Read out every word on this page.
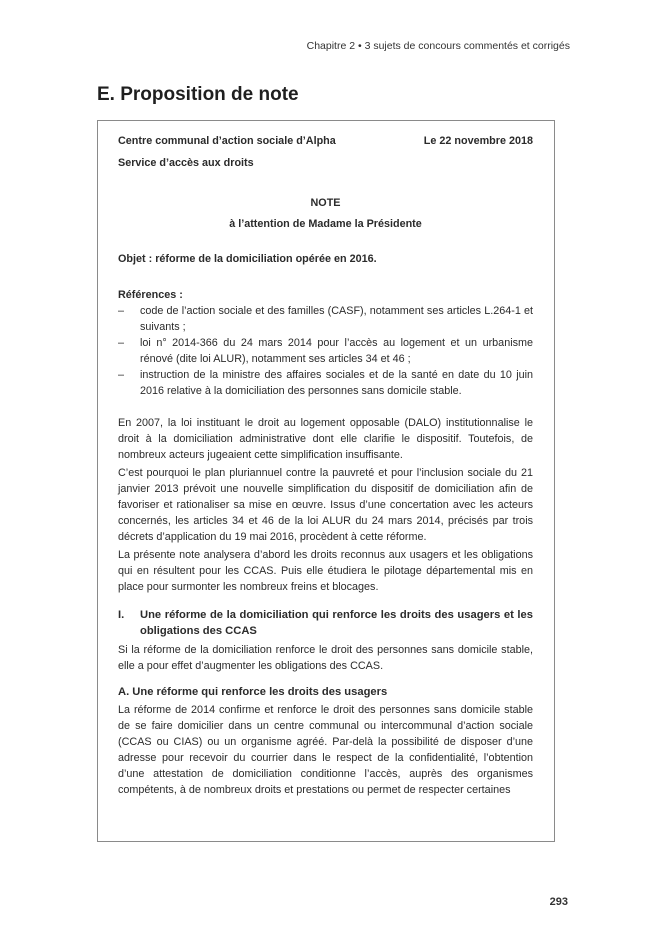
Chapitre 2 • 3 sujets de concours commentés et corrigés
E. Proposition de note
Centre communal d’action sociale d’Alpha	Le 22 novembre 2018
Service d’accès aux droits
NOTE
à l’attention de Madame la Présidente
Objet : réforme de la domiciliation opérée en 2016.
Références :
– code de l’action sociale et des familles (CASF), notamment ses articles L.264-1 et suivants ;
– loi n° 2014-366 du 24 mars 2014 pour l’accès au logement et un urbanisme rénové (dite loi ALUR), notamment ses articles 34 et 46 ;
– instruction de la ministre des affaires sociales et de la santé en date du 10 juin 2016 relative à la domiciliation des personnes sans domicile stable.

En 2007, la loi instituant le droit au logement opposable (DALO) institutionnalise le droit à la domiciliation administrative dont elle clarifie le dispositif. Toutefois, de nombreux acteurs jugeaient cette simplification insuffisante.

C’est pourquoi le plan pluriannuel contre la pauvreté et pour l’inclusion sociale du 21 janvier 2013 prévoit une nouvelle simplification du dispositif de domiciliation afin de favoriser et rationaliser sa mise en œuvre. Issus d’une concertation avec les acteurs concernés, les articles 34 et 46 de la loi ALUR du 24 mars 2014, précisés par trois décrets d’application du 19 mai 2016, procèdent à cette réforme.

La présente note analysera d’abord les droits reconnus aux usagers et les obligations qui en résultent pour les CCAS. Puis elle étudiera le pilotage départemental mis en place pour surmonter les nombreux freins et blocages.

I.	Une réforme de la domiciliation qui renforce les droits des usagers et les obligations des CCAS

Si la réforme de la domiciliation renforce le droit des personnes sans domicile stable, elle a pour effet d’augmenter les obligations des CCAS.

A. Une réforme qui renforce les droits des usagers

La réforme de 2014 confirme et renforce le droit des personnes sans domicile stable de se faire domicilier dans un centre communal ou intercommunal d’action sociale (CCAS ou CIAS) ou un organisme agréé. Par-delà la possibilité de disposer d’une adresse pour recevoir du courrier dans le respect de la confidentialité, l’obtention d’une attestation de domiciliation conditionne l’accès, auprès des organismes compétents, à de nombreux droits et prestations ou permet de respecter certaines

293
